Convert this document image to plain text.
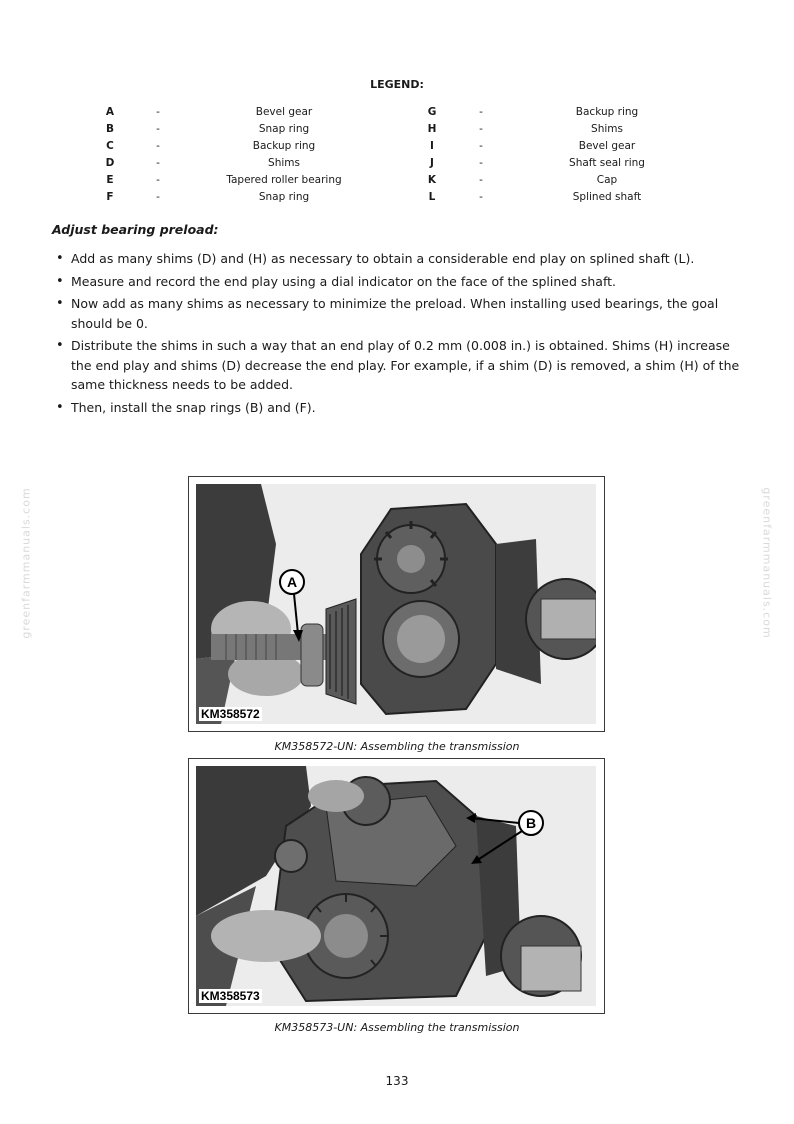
LEGEND:
A	-	Bevel gear	G	-	Backup ring
B	-	Snap ring	H	-	Shims
C	-	Backup ring	I	-	Bevel gear
D	-	Shims	J	-	Shaft seal ring
E	-	Tapered roller bearing	K	-	Cap
F	-	Snap ring	L	-	Splined shaft
Adjust bearing preload:
• Add as many shims (D) and (H) as necessary to obtain a considerable end play on splined shaft (L).
• Measure and record the end play using a dial indicator on the face of the splined shaft.
• Now add as many shims as necessary to minimize the preload. When installing used bearings, the goal should be 0.
• Distribute the shims in such a way that an end play of 0.2 mm (0.008 in.) is obtained. Shims (H) increase the end play and shims (D) decrease the end play. For example, if a shim (D) is removed, a shim (H) of the same thickness needs to be added.
• Then, install the snap rings (B) and (F).
greenfarmmanuals.com	greenfarmmanuals.com
A
KM358572
KM358572-UN: Assembling the transmission
B
KM358573
KM358573-UN: Assembling the transmission
133
